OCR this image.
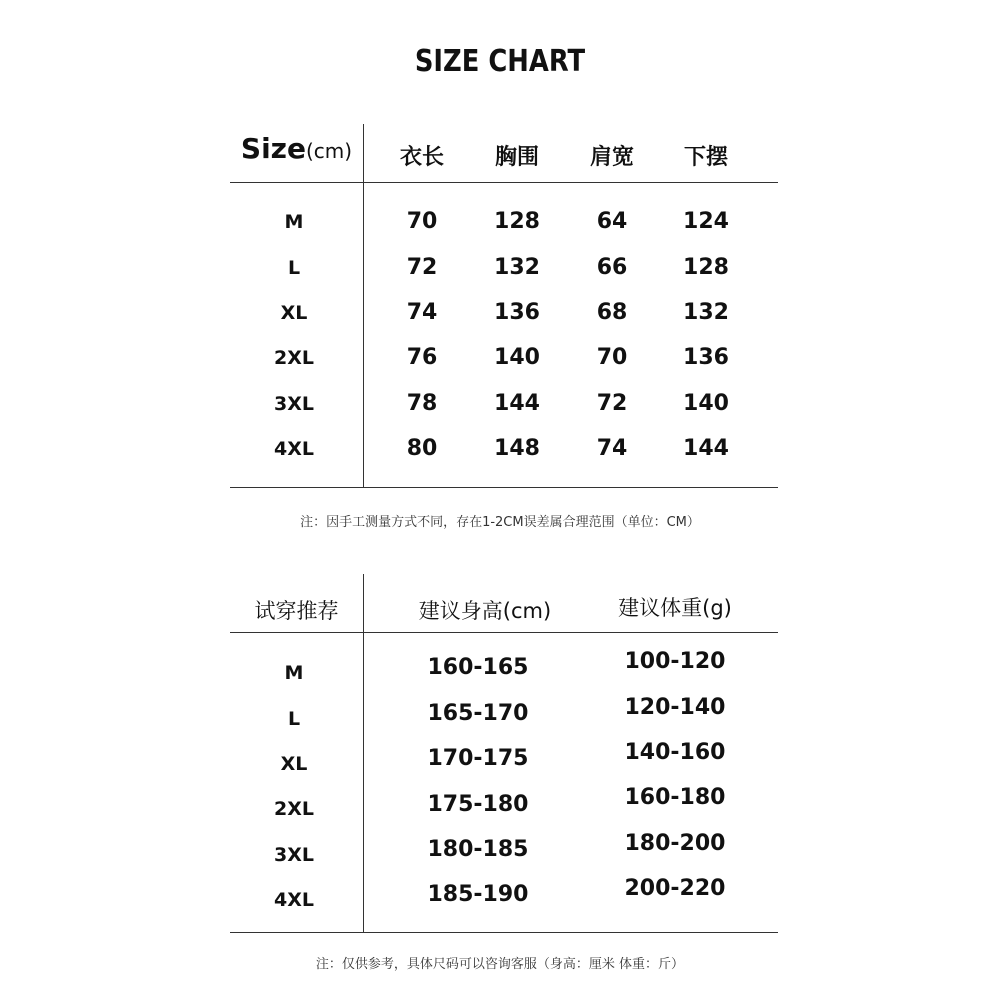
SIZE CHART
Size(cm)	衣长	胸围	肩宽	下摆
M	70	128	64	124
L	72	132	66	128
XL	74	136	68	132
2XL	76	140	70	136
3XL	78	144	72	140
4XL	80	148	74	144
注：因手工测量方式不同，存在1-2CM误差属合理范围（单位：CM）
试穿推荐	建议身高(cm)	建议体重(g)
M	160-165	100-120
L	165-170	120-140
XL	170-175	140-160
2XL	175-180	160-180
3XL	180-185	180-200
4XL	185-190	200-220
注：仅供参考，具体尺码可以咨询客服（身高：厘米 体重：斤）
